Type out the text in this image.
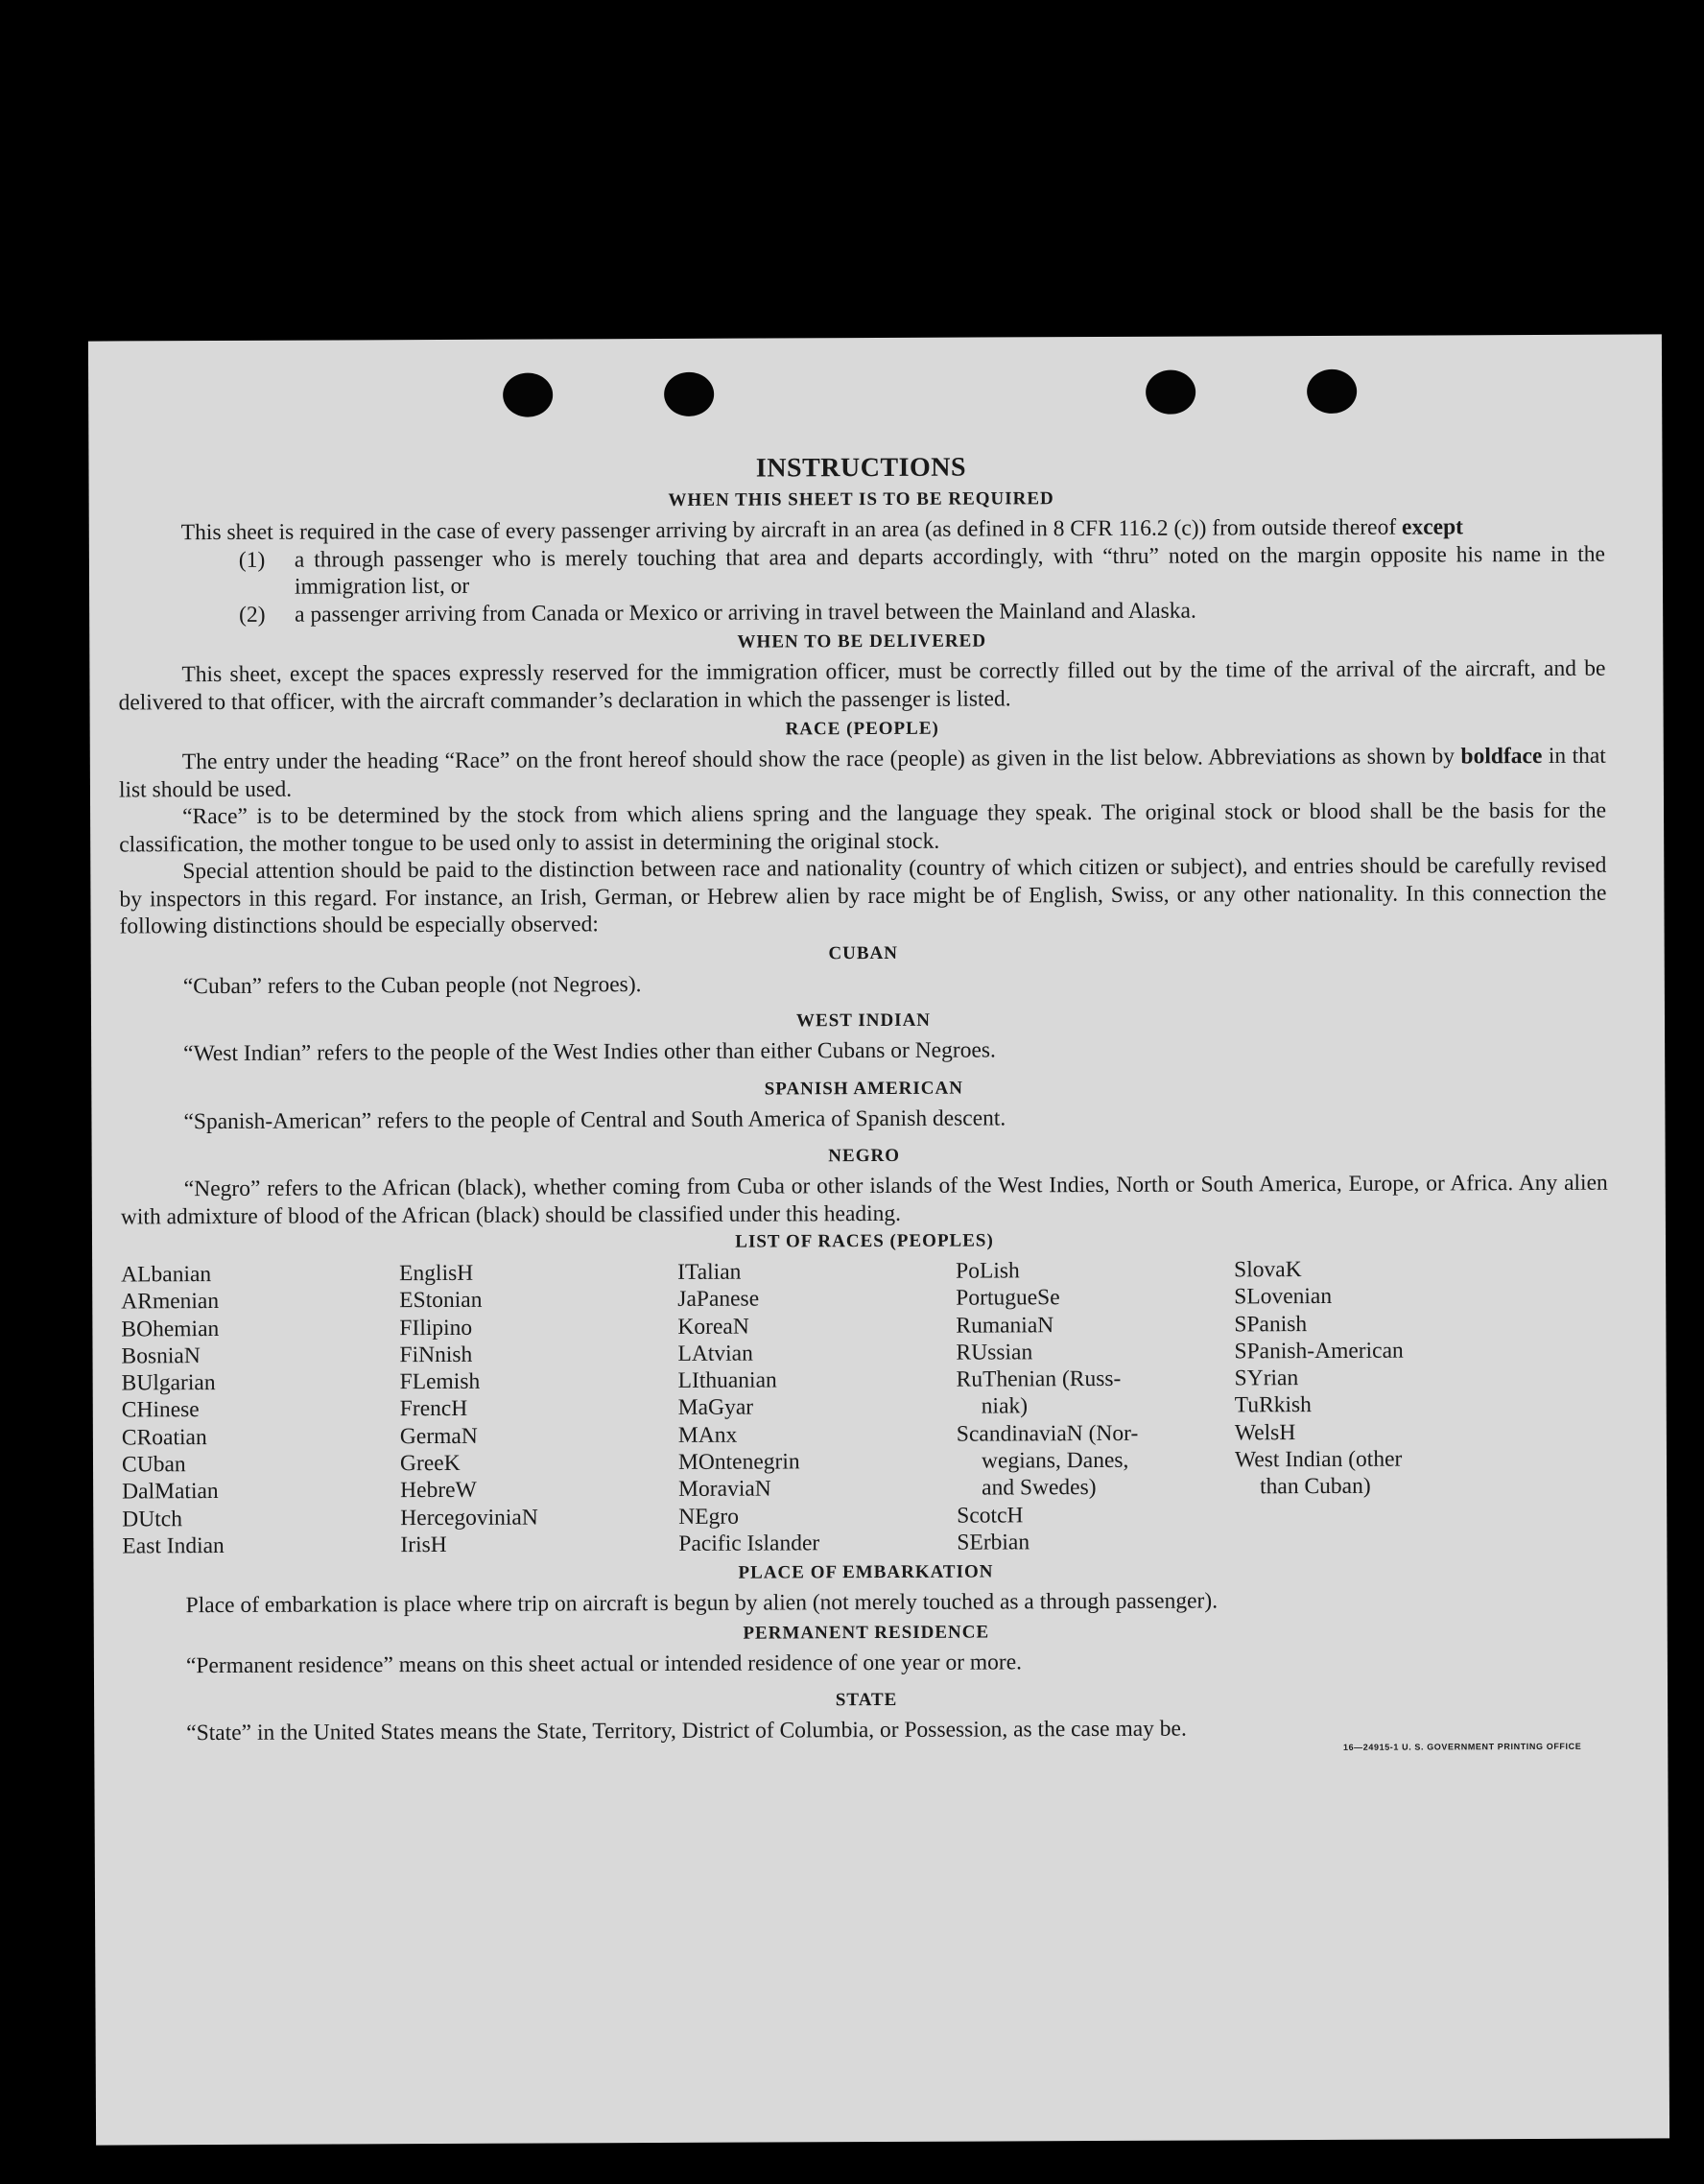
INSTRUCTIONS
WHEN THIS SHEET IS TO BE REQUIRED

This sheet is required in the case of every passenger arriving by aircraft in an area (as defined in 8 CFR 116.2 (c)) from outside thereof except

(1)	a through passenger who is merely touching that area and departs accordingly, with “thru” noted on the margin opposite his name in the immigration list, or
(2)	a passenger arriving from Canada or Mexico or arriving in travel between the Mainland and Alaska.
WHEN TO BE DELIVERED

This sheet, except the spaces expressly reserved for the immigration officer, must be correctly filled out by the time of the arrival of the aircraft, and be delivered to that officer, with the aircraft commander’s declaration in which the passenger is listed.

RACE (PEOPLE)

The entry under the heading “Race” on the front hereof should show the race (people) as given in the list below. Abbreviations as shown by boldface in that list should be used.

“Race” is to be determined by the stock from which aliens spring and the language they speak. The original stock or blood shall be the basis for the classification, the mother tongue to be used only to assist in determining the original stock.

Special attention should be paid to the distinction between race and nationality (country of which citizen or subject), and entries should be carefully revised by inspectors in this regard. For instance, an Irish, German, or Hebrew alien by race might be of English, Swiss, or any other nationality. In this connection the following distinctions should be especially observed:

CUBAN
“Cuban” refers to the Cuban people (not Negroes).
WEST INDIAN
“West Indian” refers to the people of the West Indies other than either Cubans or Negroes.
SPANISH AMERICAN
“Spanish-American” refers to the people of Central and South America of Spanish descent.
NEGRO

“Negro” refers to the African (black), whether coming from Cuba or other islands of the West Indies, North or South America, Europe, or Africa. Any alien with admixture of blood of the African (black) should be classified under this heading.

LIST OF RACES (PEOPLES)
ALbanian
ARmenian
BOhemian
BosniaN
BUlgarian
CHinese
CRoatian
CUban
DalMatian
DUtch
East Indian
EnglisH
EStonian
FIlipino
FiNnish
FLemish
FrencH
GermaN
GreeK
HebreW
HercegoviniaN
IrisH
ITalian
JaPanese
KoreaN
LAtvian
LIthuanian
MaGyar
MAnx
MOntenegrin
MoraviaN
NEgro
Pacific Islander
PoLish
PortugueSe
RumaniaN
RUssian
RuThenian (Russ-
niak)
ScandinaviaN (Nor-
wegians, Danes,
and Swedes)
ScotcH
SErbian
SlovaK
SLovenian
SPanish
SPanish-American
SYrian
TuRkish
WelsH
West Indian (other
than Cuban)
PLACE OF EMBARKATION

Place of embarkation is place where trip on aircraft is begun by alien (not merely touched as a through passenger).

PERMANENT RESIDENCE
“Permanent residence” means on this sheet actual or intended residence of one year or more.
STATE

“State” in the United States means the State, Territory, District of Columbia, or Possession, as the case may be.

16—24915-1 U. S. GOVERNMENT PRINTING OFFICE
